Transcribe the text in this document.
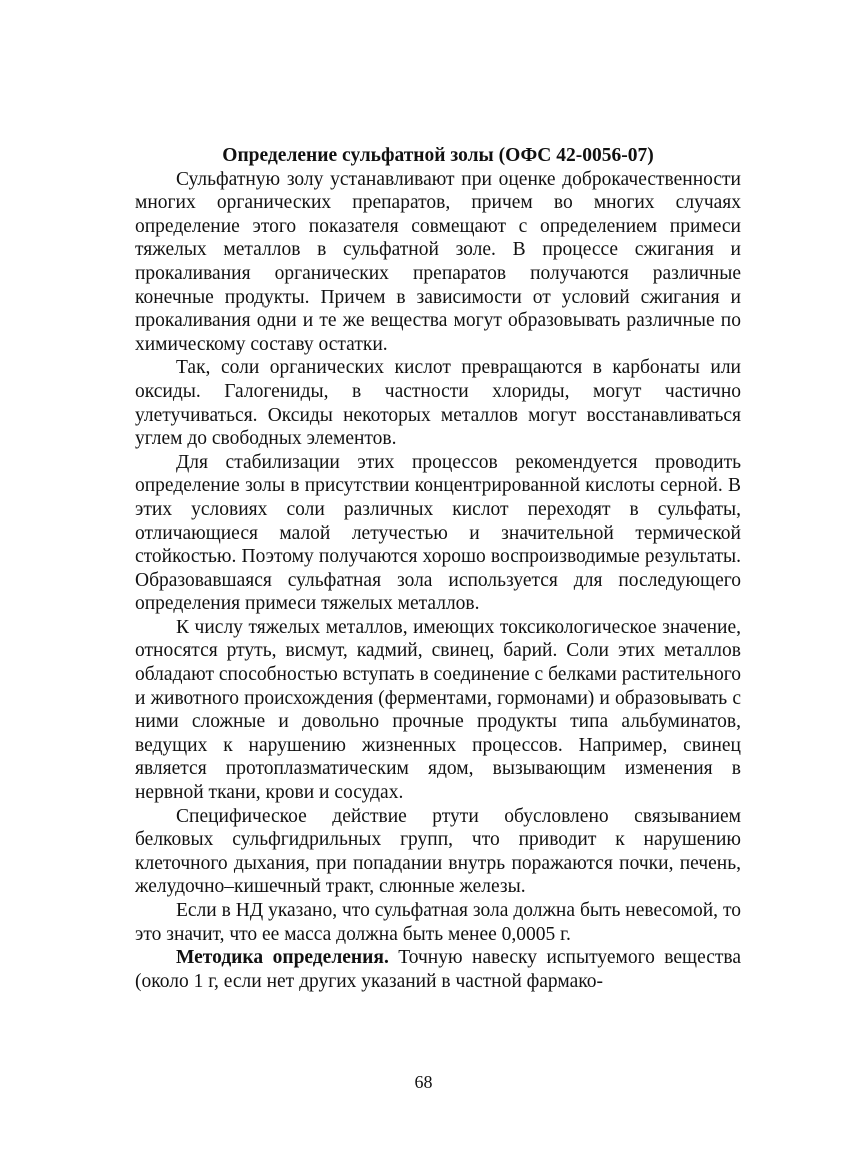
Определение сульфатной золы (ОФС 42-0056-07)

Сульфатную золу устанавливают при оценке доброкачественности многих органических препаратов, причем во многих случаях определение этого показателя совмещают с определением примеси тяжелых металлов в сульфатной золе. В процессе сжигания и прокаливания органических препаратов получаются различные конечные продукты. Причем в зависимости от условий сжигания и прокаливания одни и те же вещества могут образовывать различные по химическому составу остатки.

Так, соли органических кислот превращаются в карбонаты или оксиды. Галогениды, в частности хлориды, могут частично улетучиваться. Оксиды некоторых металлов могут восстанавливаться углем до свободных элементов.

Для стабилизации этих процессов рекомендуется проводить определение золы в присутствии концентрированной кислоты серной. В этих условиях соли различных кислот переходят в сульфаты, отличающиеся малой летучестью и значительной термической стойкостью. Поэтому получаются хорошо воспроизводимые результаты. Образовавшаяся сульфатная зола используется для последующего определения примеси тяжелых металлов.

К числу тяжелых металлов, имеющих токсикологическое значение, относятся ртуть, висмут, кадмий, свинец, барий. Соли этих металлов обладают способностью вступать в соединение с белками растительного и животного происхождения (ферментами, гормонами) и образовывать с ними сложные и довольно прочные продукты типа альбуминатов, ведущих к нарушению жизненных процессов. Например, свинец является протоплазматическим ядом, вызывающим изменения в нервной ткани, крови и сосудах.

Специфическое действие ртути обусловлено связыванием белковых сульфгидрильных групп, что приводит к нарушению клеточного дыхания, при попадании внутрь поражаются почки, печень, желудочно–кишечный тракт, слюнные железы.

Если в НД указано, что сульфатная зола должна быть невесомой, то это значит, что ее масса должна быть менее 0,0005 г.

Методика определения. Точную навеску испытуемого вещества (около 1 г, если нет других указаний в частной фармако-

68
